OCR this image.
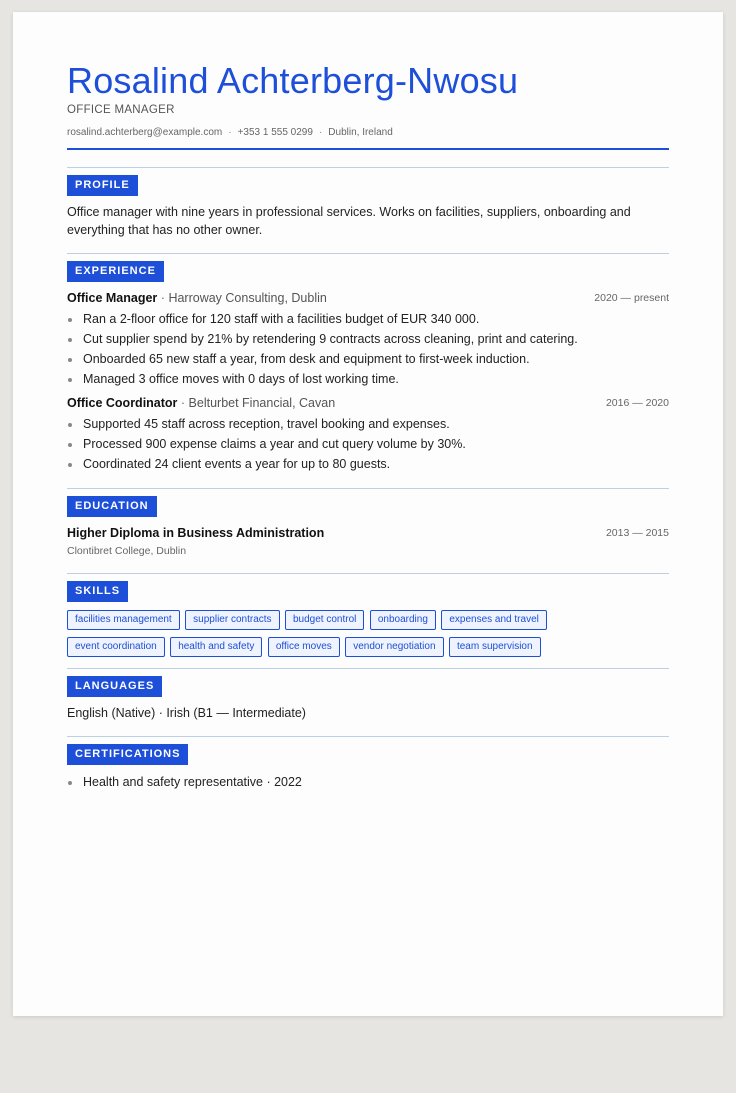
Rosalind Achterberg-Nwosu
OFFICE MANAGER
rosalind.achterberg@example.com · +353 1 555 0299 · Dublin, Ireland
PROFILE
Office manager with nine years in professional services. Works on facilities, suppliers, onboarding and everything that has no other owner.
EXPERIENCE
Office Manager · Harroway Consulting, Dublin	2020 — present
Ran a 2-floor office for 120 staff with a facilities budget of EUR 340 000.
Cut supplier spend by 21% by retendering 9 contracts across cleaning, print and catering.
Onboarded 65 new staff a year, from desk and equipment to first-week induction.
Managed 3 office moves with 0 days of lost working time.
Office Coordinator · Belturbet Financial, Cavan	2016 — 2020
Supported 45 staff across reception, travel booking and expenses.
Processed 900 expense claims a year and cut query volume by 30%.
Coordinated 24 client events a year for up to 80 guests.
EDUCATION
Higher Diploma in Business Administration	2013 — 2015
Clontibret College, Dublin
SKILLS
facilities management supplier contracts budget control onboarding expenses and travel
event coordination health and safety office moves vendor negotiation team supervision
LANGUAGES
English (Native) · Irish (B1 — Intermediate)
CERTIFICATIONS
Health and safety representative · 2022
